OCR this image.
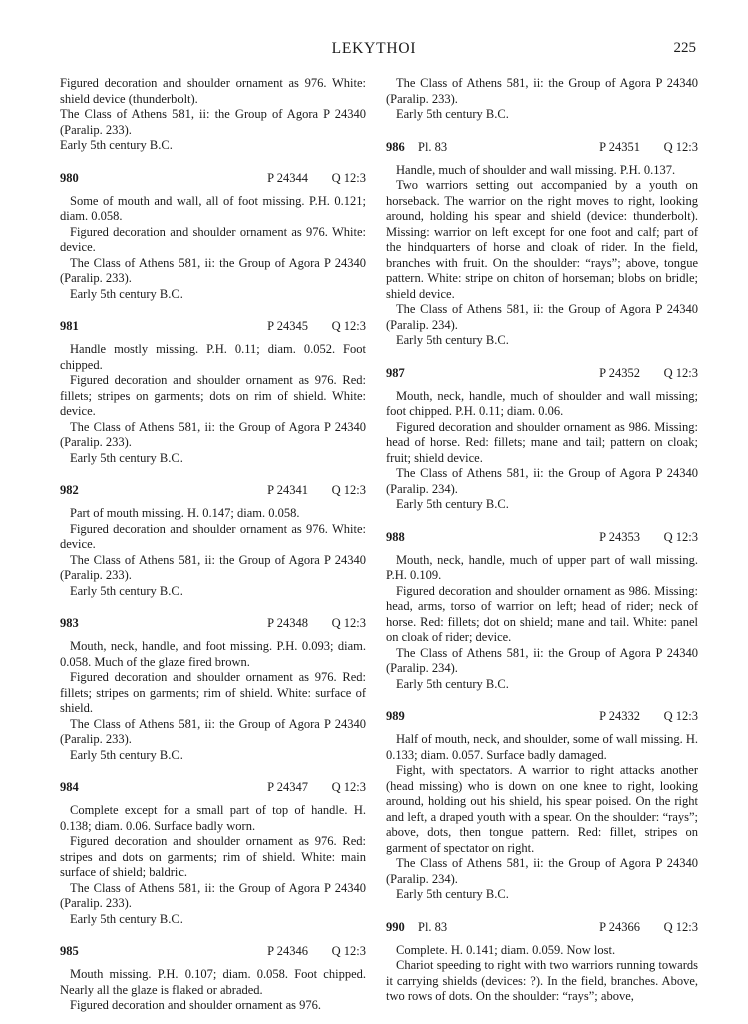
LEKYTHOI	225

Figured decoration and shoulder ornament as 976. White: shield device (thunderbolt).

The Class of Athens 581, ii: the Group of Agora P 24340 (Paralip. 233).

Early 5th century B.C.

980	P 24344 Q 12:3

Some of mouth and wall, all of foot missing. P.H. 0.121; diam. 0.058.

Figured decoration and shoulder ornament as 976. White: device.

The Class of Athens 581, ii: the Group of Agora P 24340 (Paralip. 233).

Early 5th century B.C.

981	P 24345 Q 12:3

Handle mostly missing. P.H. 0.11; diam. 0.052. Foot chipped.

Figured decoration and shoulder ornament as 976. Red: fillets; stripes on garments; dots on rim of shield. White: device.

The Class of Athens 581, ii: the Group of Agora P 24340 (Paralip. 233).

Early 5th century B.C.

982	P 24341 Q 12:3

Part of mouth missing. H. 0.147; diam. 0.058.

Figured decoration and shoulder ornament as 976. White: device.

The Class of Athens 581, ii: the Group of Agora P 24340 (Paralip. 233).

Early 5th century B.C.

983	P 24348 Q 12:3

Mouth, neck, handle, and foot missing. P.H. 0.093; diam. 0.058. Much of the glaze fired brown.

Figured decoration and shoulder ornament as 976. Red: fillets; stripes on garments; rim of shield. White: surface of shield.

The Class of Athens 581, ii: the Group of Agora P 24340 (Paralip. 233).

Early 5th century B.C.

984	P 24347 Q 12:3

Complete except for a small part of top of handle. H. 0.138; diam. 0.06. Surface badly worn.

Figured decoration and shoulder ornament as 976. Red: stripes and dots on garments; rim of shield. White: main surface of shield; baldric.

The Class of Athens 581, ii: the Group of Agora P 24340 (Paralip. 233).

Early 5th century B.C.

985	P 24346 Q 12:3

Mouth missing. P.H. 0.107; diam. 0.058. Foot chipped. Nearly all the glaze is flaked or abraded.

Figured decoration and shoulder ornament as 976.

The Class of Athens 581, ii: the Group of Agora P 24340 (Paralip. 233).

Early 5th century B.C.

986 Pl. 83	P 24351 Q 12:3

Handle, much of shoulder and wall missing. P.H. 0.137.

Two warriors setting out accompanied by a youth on horseback. The warrior on the right moves to right, looking around, holding his spear and shield (device: thunderbolt). Missing: warrior on left except for one foot and calf; part of the hindquarters of horse and cloak of rider. In the field, branches with fruit. On the shoulder: “rays”; above, tongue pattern. White: stripe on chiton of horseman; blobs on bridle; shield device.

The Class of Athens 581, ii: the Group of Agora P 24340 (Paralip. 234).

Early 5th century B.C.

987	P 24352 Q 12:3

Mouth, neck, handle, much of shoulder and wall missing; foot chipped. P.H. 0.11; diam. 0.06.

Figured decoration and shoulder ornament as 986. Missing: head of horse. Red: fillets; mane and tail; pattern on cloak; fruit; shield device.

The Class of Athens 581, ii: the Group of Agora P 24340 (Paralip. 234).

Early 5th century B.C.

988	P 24353 Q 12:3

Mouth, neck, handle, much of upper part of wall missing. P.H. 0.109.

Figured decoration and shoulder ornament as 986. Missing: head, arms, torso of warrior on left; head of rider; neck of horse. Red: fillets; dot on shield; mane and tail. White: panel on cloak of rider; device.

The Class of Athens 581, ii: the Group of Agora P 24340 (Paralip. 234).

Early 5th century B.C.

989	P 24332 Q 12:3

Half of mouth, neck, and shoulder, some of wall missing. H. 0.133; diam. 0.057. Surface badly damaged.

Fight, with spectators. A warrior to right attacks another (head missing) who is down on one knee to right, looking around, holding out his shield, his spear poised. On the right and left, a draped youth with a spear. On the shoulder: “rays”; above, dots, then tongue pattern. Red: fillet, stripes on garment of spectator on right.

The Class of Athens 581, ii: the Group of Agora P 24340 (Paralip. 234).

Early 5th century B.C.

990 Pl. 83	P 24366 Q 12:3

Complete. H. 0.141; diam. 0.059. Now lost.

Chariot speeding to right with two warriors running towards it carrying shields (devices: ?). In the field, branches. Above, two rows of dots. On the shoulder: “rays”; above,
